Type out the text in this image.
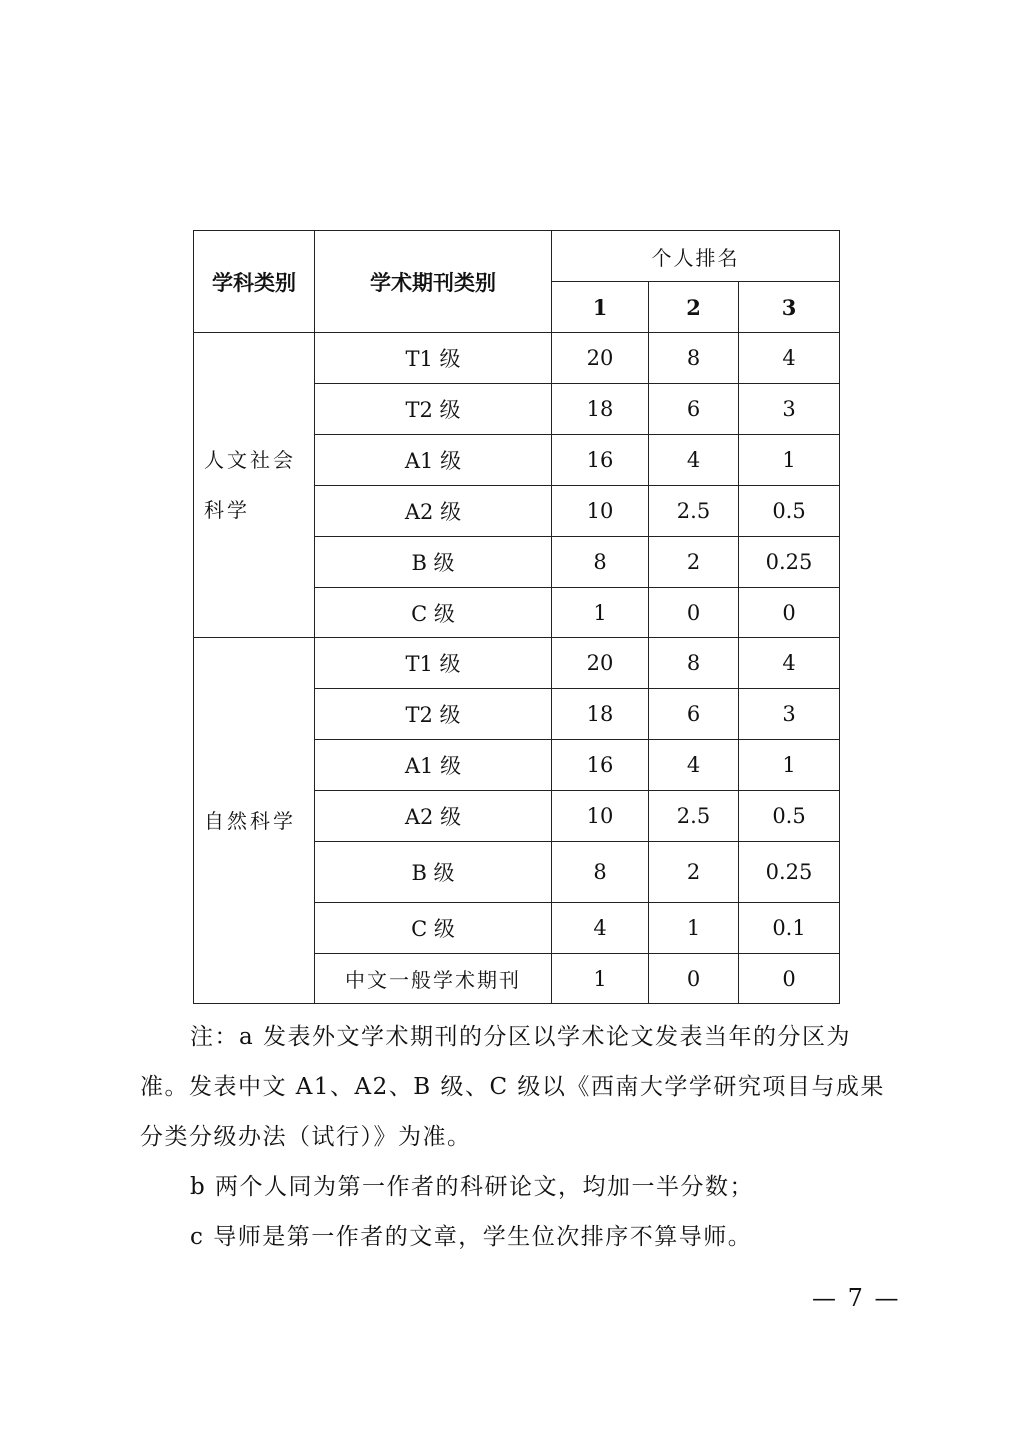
学科类别	学术期刊类别	个人排名		
		1	2	3
人文社会科学	T1 级	20	8	4
	T2 级	18	6	3
	A1 级	16	4	1
	A2 级	10	2.5	0.5
	B 级	8	2	0.25
	C 级	1	0	0
自然科学	T1 级	20	8	4
	T2 级	18	6	3
	A1 级	16	4	1
	A2 级	10	2.5	0.5
	B 级	8	2	0.25
	C 级	4	1	0.1
	中文一般学术期刊	1	0	0

注：a 发表外文学术期刊的分区以学术论文发表当年的分区为准。发表中文 A1、A2、B 级、C 级以《西南大学学研究项目与成果分类分级办法（试行）》为准。

b 两个人同为第一作者的科研论文，均加一半分数；

c 导师是第一作者的文章，学生位次排序不算导师。

— 7 —
